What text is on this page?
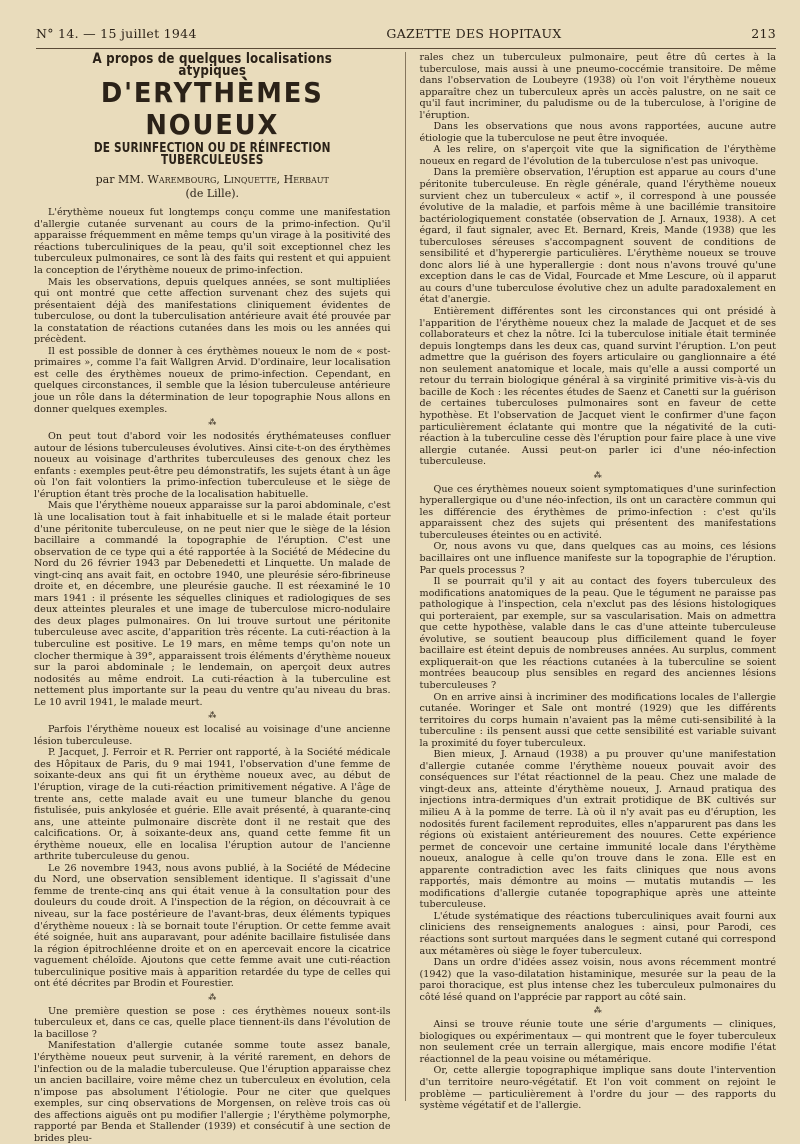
N° 14. — 15 juillet 1944	GAZETTE DES HOPITAUX	213
A propos de quelques localisations atypiques
D'ERYTHÈMES NOUEUX
DE SURINFECTION OU DE RÉINFECTION TUBERCULEUSES
par MM. Warembourg, Linquette, Herbaut
(de Lille).

L'érythème noueux fut longtemps conçu comme une manifestation d'allergie cutanée survenant au cours de la primo-infection. Qu'il apparaisse fréquemment en même temps qu'un virage à la positivité des réactions tuberculiniques de la peau, qu'il soit exceptionnel chez les tuberculeux pulmonaires, ce sont là des faits qui restent et qui appuient la conception de l'érythème noueux de primo-infection.

Mais les observations, depuis quelques années, se sont multipliées qui ont montré que cette affection survenant chez des sujets qui présentaient déjà des manifestations cliniquement évidentes de tuberculose, ou dont la tuberculisation antérieure avait été prouvée par la constatation de réactions cutanées dans les mois ou les années qui précèdent.

Il est possible de donner à ces érythèmes noueux le nom de « post-primaires », comme l'a fait Wallgren Arvid. D'ordinaire, leur localisation est celle des érythèmes noueux de primo-infection. Cependant, en quelques circonstances, il semble que la lésion tuberculeuse antérieure joue un rôle dans la détermination de leur topographie Nous allons en donner quelques exemples.

⁂

On peut tout d'abord voir les nodosités érythémateuses confluer autour de lésions tuberculeuses évolutives. Ainsi cite-t-on des érythèmes noueux au voisinage d'arthrites tuberculeuses des genoux chez les enfants : exemples peut-être peu démonstratifs, les sujets étant à un âge où l'on fait volontiers la primo-infection tuberculeuse et le siège de l'éruption étant très proche de la localisation habituelle.

Mais que l'érythème noueux apparaisse sur la paroi abdominale, c'est là une localisation tout à fait inhabituelle et si le malade était porteur d'une péritonite tuberculeuse, on ne peut nier que le siège de la lésion bacillaire a commandé la topographie de l'éruption. C'est une observation de ce type qui a été rapportée à la Société de Médecine du Nord du 26 février 1943 par Debenedetti et Linquette. Un malade de vingt-cinq ans avait fait, en octobre 1940, une pleurésie séro-fibrineuse droite et, en décembre, une pleurésie gauche. Il est réexaminé le 10 mars 1941 : il présente les séquelles cliniques et radiologiques de ses deux atteintes pleurales et une image de tuberculose micro-nodulaire des deux plages pulmonaires. On lui trouve surtout une péritonite tuberculeuse avec ascite, d'apparition très récente. La cuti-réaction à la tuberculine est positive. Le 19 mars, en même temps qu'on note un clocher thermique à 39°, apparaissent trois éléments d'érythème noueux sur la paroi abdominale ; le lendemain, on aperçoit deux autres nodosités au même endroit. La cuti-réaction à la tuberculine est nettement plus importante sur la peau du ventre qu'au niveau du bras. Le 10 avril 1941, le malade meurt.

⁂

Parfois l'érythème noueux est localisé au voisinage d'une ancienne lésion tuberculeuse.

P. Jacquet, J. Ferroir et R. Perrier ont rapporté, à la Société médicale des Hôpitaux de Paris, du 9 mai 1941, l'observation d'une femme de soixante-deux ans qui fit un érythème noueux avec, au début de l'éruption, virage de la cuti-réaction primitivement négative. A l'âge de trente ans, cette malade avait eu une tumeur blanche du genou fistulisée, puis ankylosée et guérie. Elle avait présenté, à quarante-cinq ans, une atteinte pulmonaire discrète dont il ne restait que des calcifications. Or, à soixante-deux ans, quand cette femme fit un érythème noueux, elle en localisa l'éruption autour de l'ancienne arthrite tuberculeuse du genou.

Le 26 novembre 1943, nous avons publié, à la Société de Médecine du Nord, une observation sensiblement identique. Il s'agissait d'une femme de trente-cinq ans qui était venue à la consultation pour des douleurs du coude droit. A l'inspection de la région, on découvrait à ce niveau, sur la face postérieure de l'avant-bras, deux éléments typiques d'érythème noueux : là se bornait toute l'éruption. Or cette femme avait été soignée, huit ans auparavant, pour adénite bacillaire fistulisée dans la région épitrochléenne droite et on en apercevait encore la cicatrice vaguement chéloïde. Ajoutons que cette femme avait une cuti-réaction tuberculinique positive mais à apparition retardée du type de celles qui ont été décrites par Brodin et Fourestier.

⁂

Une première question se pose : ces érythèmes noueux sont-ils tuberculeux et, dans ce cas, quelle place tiennent-ils dans l'évolution de la bacillose ?

Manifestation d'allergie cutanée somme toute assez banale, l'érythème noueux peut survenir, à la vérité rarement, en dehors de l'infection ou de la maladie tuberculeuse. Que l'éruption apparaisse chez un ancien bacillaire, voire même chez un tuberculeux en évolution, cela n'impose pas absolument l'étiologie. Pour ne citer que quelques exemples, sur cinq observations de Morgensen, on relève trois cas où des affections aiguës ont pu modifier l'allergie ; l'érythème polymorphe, rapporté par Benda et Stallender (1939) et consécutif à une section de brides pleu-

rales chez un tuberculeux pulmonaire, peut être dû certes à la tuberculose, mais aussi à une pneumo-coccémie transitoire. De même dans l'observation de Loubeyre (1938) où l'on voit l'érythème noueux apparaître chez un tuberculeux après un accès palustre, on ne sait ce qu'il faut incriminer, du paludisme ou de la tuberculose, à l'origine de l'éruption.

Dans les observations que nous avons rapportées, aucune autre étiologie que la tuberculose ne peut être invoquée.

A les relire, on s'aperçoit vite que la signification de l'érythème noueux en regard de l'évolution de la tuberculose n'est pas univoque.

Dans la première observation, l'éruption est apparue au cours d'une péritonite tuberculeuse. En règle générale, quand l'érythème noueux survient chez un tuberculeux « actif », il correspond à une poussée évolutive de la maladie, et parfois même à une bacillémie transitoire bactériologiquement constatée (observation de J. Arnaux, 1938). A cet égard, il faut signaler, avec Et. Bernard, Kreis, Mande (1938) que les tuberculoses séreuses s'accompagnent souvent de conditions de sensibilité et d'hyperergie particulières. L'érythème noueux se trouve donc alors lié à une hyperallergie : dont nous n'avons trouvé qu'une exception dans le cas de Vidal, Fourcade et Mme Lescure, où il apparut au cours d'une tuberculose évolutive chez un adulte paradoxalement en état d'anergie.

Entièrement différentes sont les circonstances qui ont présidé à l'apparition de l'érythème noueux chez la malade de Jacquet et de ses collaborateurs et chez la nôtre. Ici la tuberculose initiale était terminée depuis longtemps dans les deux cas, quand survint l'éruption. L'on peut admettre que la guérison des foyers articulaire ou ganglionnaire a été non seulement anatomique et locale, mais qu'elle a aussi comporté un retour du terrain biologique général à sa virginité primitive vis-à-vis du bacille de Koch : les récentes études de Saenz et Canetti sur la guérison de certaines tuberculoses pulmonaires sont en faveur de cette hypothèse. Et l'observation de Jacquet vient le confirmer d'une façon particulièrement éclatante qui montre que la négativité de la cuti-réaction à la tuberculine cesse dès l'éruption pour faire place à une vive allergie cutanée. Aussi peut-on parler ici d'une néo-infection tuberculeuse.

⁂

Que ces érythèmes noueux soient symptomatiques d'une surinfection hyperallergique ou d'une néo-infection, ils ont un caractère commun qui les différencie des érythèmes de primo-infection : c'est qu'ils apparaissent chez des sujets qui présentent des manifestations tuberculeuses éteintes ou en activité.

Or, nous avons vu que, dans quelques cas au moins, ces lésions bacillaires ont une influence manifeste sur la topographie de l'éruption. Par quels processus ?

Il se pourrait qu'il y ait au contact des foyers tuberculeux des modifications anatomiques de la peau. Que le tégument ne paraisse pas pathologique à l'inspection, cela n'exclut pas des lésions histologiques qui porteraient, par exemple, sur sa vascularisation. Mais on admettra que cette hypothèse, valable dans le cas d'une atteinte tuberculeuse évolutive, se soutient beaucoup plus difficilement quand le foyer bacillaire est éteint depuis de nombreuses années. Au surplus, comment expliquerait-on que les réactions cutanées à la tuberculine se soient montrées beaucoup plus sensibles en regard des anciennes lésions tuberculeuses ?

On en arrive ainsi à incriminer des modifications locales de l'allergie cutanée. Woringer et Sale ont montré (1929) que les différents territoires du corps humain n'avaient pas la même cuti-sensibilité à la tuberculine : ils pensent aussi que cette sensibilité est variable suivant la proximité du foyer tuberculeux.

Bien mieux, J. Arnaud (1938) a pu prouver qu'une manifestation d'allergie cutanée comme l'érythème noueux pouvait avoir des conséquences sur l'état réactionnel de la peau. Chez une malade de vingt-deux ans, atteinte d'érythème noueux, J. Arnaud pratiqua des injections intra-dermiques d'un extrait protidique de BK cultivés sur milieu A à la pomme de terre. Là où il n'y avait pas eu d'éruption, les nodosités furent facilement reproduites, elles n'apparurent pas dans les régions où existaient antérieurement des nouures. Cette expérience permet de concevoir une certaine immunité locale dans l'érythème noueux, analogue à celle qu'on trouve dans le zona. Elle est en apparente contradiction avec les faits cliniques que nous avons rapportés, mais démontre au moins — mutatis mutandis — les modifications d'allergie cutanée topographique après une atteinte tuberculeuse.

L'étude systématique des réactions tuberculiniques avait fourni aux cliniciens des renseignements analogues : ainsi, pour Parodi, ces réactions sont surtout marquées dans le segment cutané qui correspond aux métamères où siège le foyer tuberculeux.

Dans un ordre d'idées assez voisin, nous avons récemment montré (1942) que la vaso-dilatation histaminique, mesurée sur la peau de la paroi thoracique, est plus intense chez les tuberculeux pulmonaires du côté lésé quand on l'apprécie par rapport au côté sain.

⁂

Ainsi se trouve réunie toute une série d'arguments — cliniques, biologiques ou expérimentaux — qui montrent que le foyer tuberculeux non seulement crée un terrain allergique, mais encore modifie l'état réactionnel de la peau voisine ou métamérique.

Or, cette allergie topographique implique sans doute l'intervention d'un territoire neuro-végétatif. Et l'on voit comment on rejoint le problème — particulièrement à l'ordre du jour — des rapports du système végétatif et de l'allergie.
